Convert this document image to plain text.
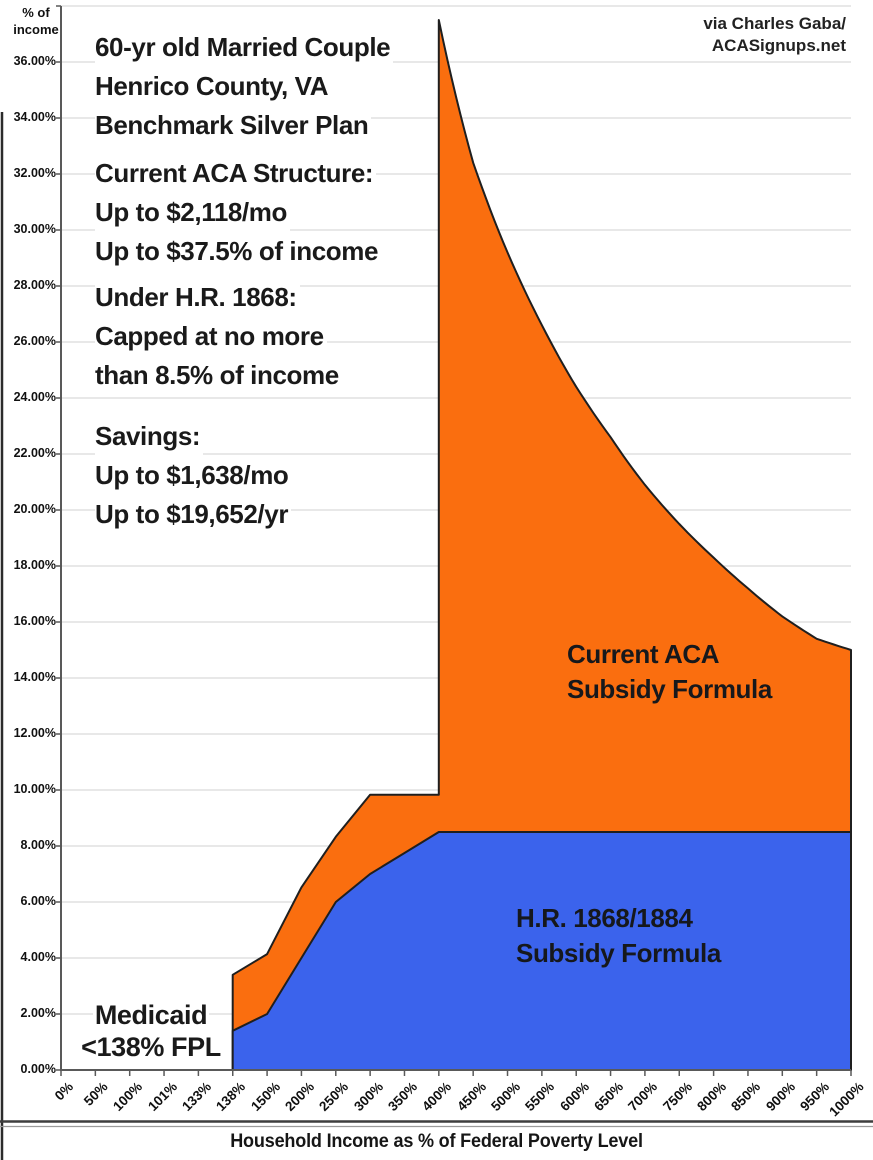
% of
income	via Charles Gaba/
ACASignups.net
60-yr old Married Couple
Henrico County, VA
Benchmark Silver Plan
Current ACA Structure:
Up to $2,118/mo
Up to $37.5% of income
Under H.R. 1868:
Capped at no more
than 8.5% of income
Savings:
Up to $1,638/mo
Up to $19,652/yr
Current ACA
Subsidy Formula
H.R. 1868/1884
Subsidy Formula
Medicaid
<138% FPL
Household Income as % of Federal Poverty Level
0.00%
2.00%
4.00%
6.00%
8.00%
10.00%
12.00%
14.00%
16.00%
18.00%
20.00%
22.00%
24.00%
26.00%
28.00%
30.00%
32.00%
34.00%
36.00%
0% 50% 100% 101% 133% 138% 150% 200% 250% 300% 350% 400% 450% 500% 550% 600% 650% 700% 750% 800% 850% 900% 950%
1000%
